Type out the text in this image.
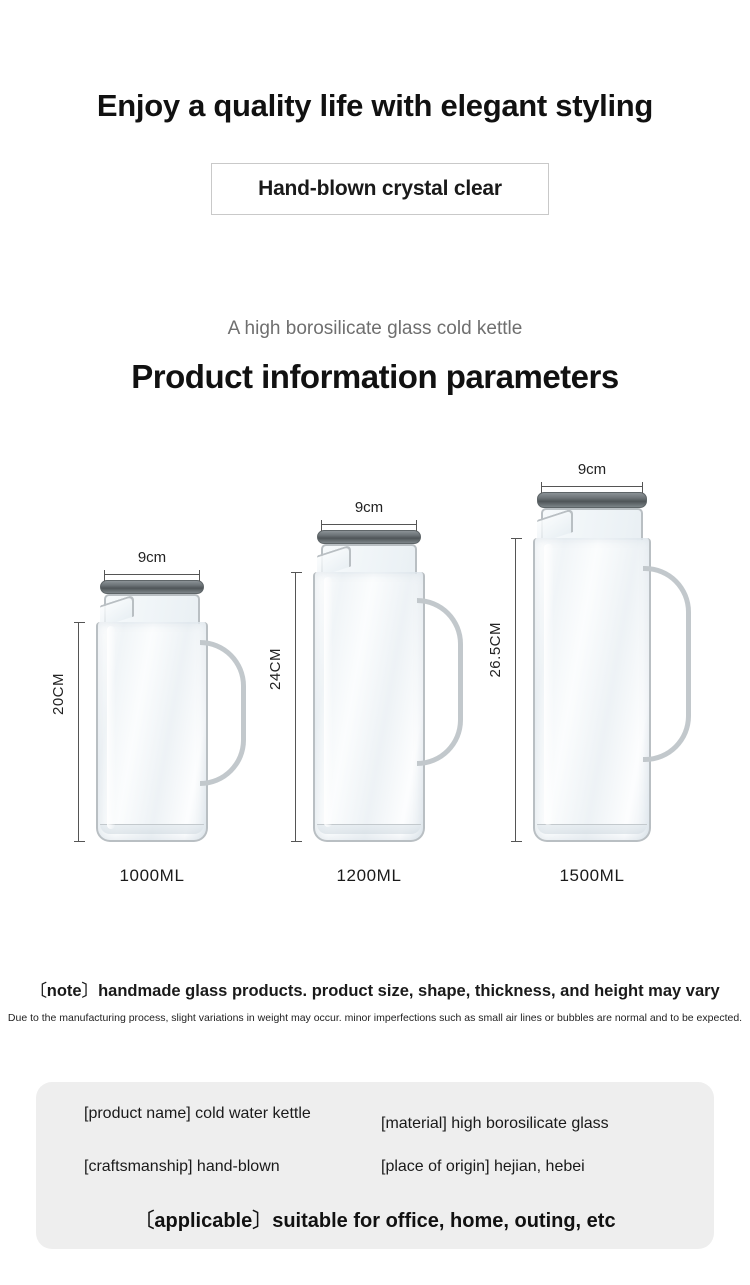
Enjoy a quality life with elegant styling
Hand-blown crystal clear
A high borosilicate glass cold kettle
Product information parameters
20CM
9cm
1000ML
24CM
9cm
1200ML
26.5CM
9cm
1500ML
〔note〕handmade glass products. product size, shape, thickness, and height may vary
Due to the manufacturing process, slight variations in weight may occur. minor imperfections such as small air lines or bubbles are normal and to be expected.
[product name] cold water kettle
[material] high borosilicate glass
[craftsmanship] hand-blown	[place of origin] hejian, hebei
〔applicable〕suitable for office, home, outing, etc
